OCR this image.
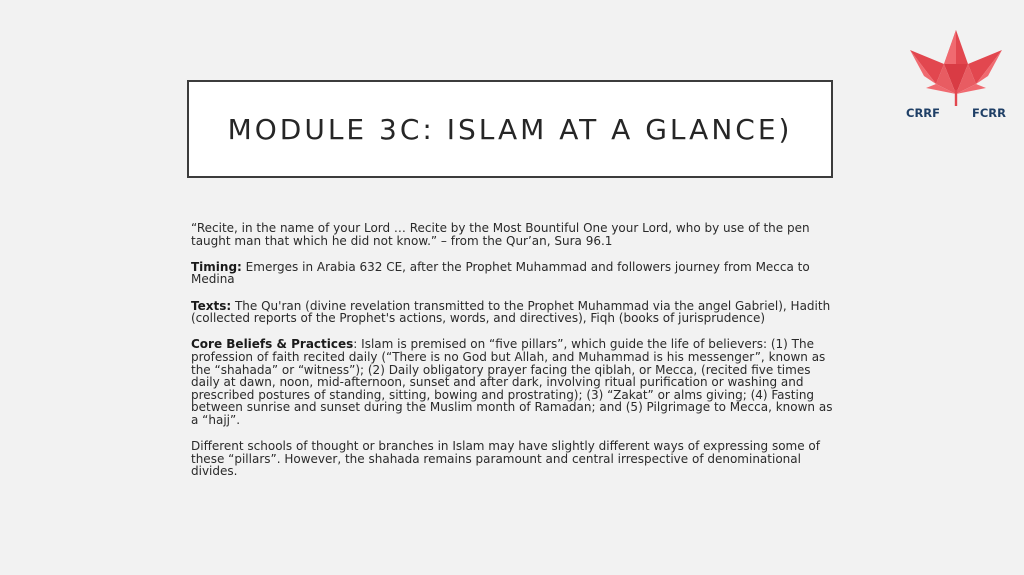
MODULE 3C: ISLAM AT A GLANCE)	CRRF	FCRR

“Recite, in the name of your Lord … Recite by the Most Bountiful One your Lord, who by use of the pen taught man that which he did not know.” – from the Qur’an, Sura 96.1

Timing: Emerges in Arabia 632 CE, after the Prophet Muhammad and followers journey from Mecca to Medina

Texts: The Qu'ran (divine revelation transmitted to the Prophet Muhammad via the angel Gabriel), Hadith (collected reports of the Prophet's actions, words, and directives), Fiqh (books of jurisprudence)

Core Beliefs & Practices: Islam is premised on “five pillars”, which guide the life of believers: (1) The profession of faith recited daily (“There is no God but Allah, and Muhammad is his messenger”, known as the “shahada” or “witness”); (2) Daily obligatory prayer facing the qiblah, or Mecca, (recited five times daily at dawn, noon, mid-afternoon, sunset and after dark, involving ritual purification or washing and prescribed postures of standing, sitting, bowing and prostrating); (3) “Zakat” or alms giving; (4) Fasting between sunrise and sunset during the Muslim month of Ramadan; and (5) Pilgrimage to Mecca, known as a “hajj”.

Different schools of thought or branches in Islam may have slightly different ways of expressing some of these “pillars”. However, the shahada remains paramount and central irrespective of denominational divides.
